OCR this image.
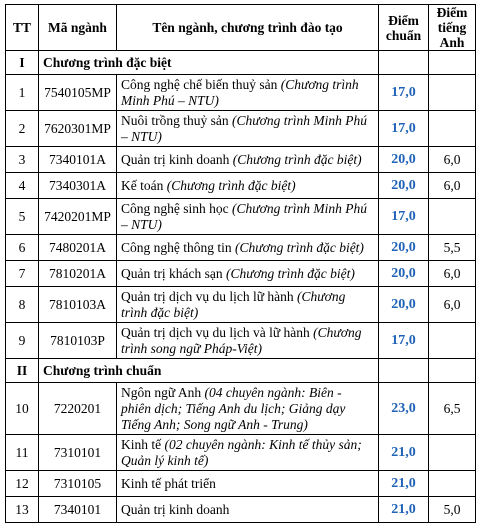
TT	Mã ngành	Tên ngành, chương trình đào tạo	Điểm chuẩn	Điểm tiếng Anh
I	Chương trình đặc biệt			
1	7540105MP	Công nghệ chế biến thuỷ sản (Chương trình Minh Phú – NTU)	17,0	
2	7620301MP	Nuôi trồng thuỷ sản (Chương trình Minh Phú – NTU)	17,0	
3	7340101A	Quản trị kinh doanh (Chương trình đặc biệt)	20,0	6,0
4	7340301A	Kế toán (Chương trình đặc biệt)	20,0	6,0
5	7420201MP	Công nghệ sinh học (Chương trình Minh Phú – NTU)	17,0	
6	7480201A	Công nghệ thông tin (Chương trình đặc biệt)	20,0	5,5
7	7810201A	Quản trị khách sạn (Chương trình đặc biệt)	20,0	6,0
8	7810103A	Quản trị dịch vụ du lịch lữ hành (Chương trình đặc biệt)	20,0	6,0
9	7810103P	Quản trị dịch vụ du lịch và lữ hành (Chương trình song ngữ Pháp-Việt)	17,0	
II	Chương trình chuẩn			
10	7220201	Ngôn ngữ Anh (04 chuyên ngành: Biên - phiên dịch; Tiếng Anh du lịch; Giảng dạy Tiếng Anh; Song ngữ Anh - Trung)	23,0	6,5
11	7310101	Kinh tế (02 chuyên ngành: Kinh tế thủy sản; Quản lý kinh tế)	21,0	
12	7310105	Kinh tế phát triển	21,0	
13	7340101	Quản trị kinh doanh	21,0	5,0
